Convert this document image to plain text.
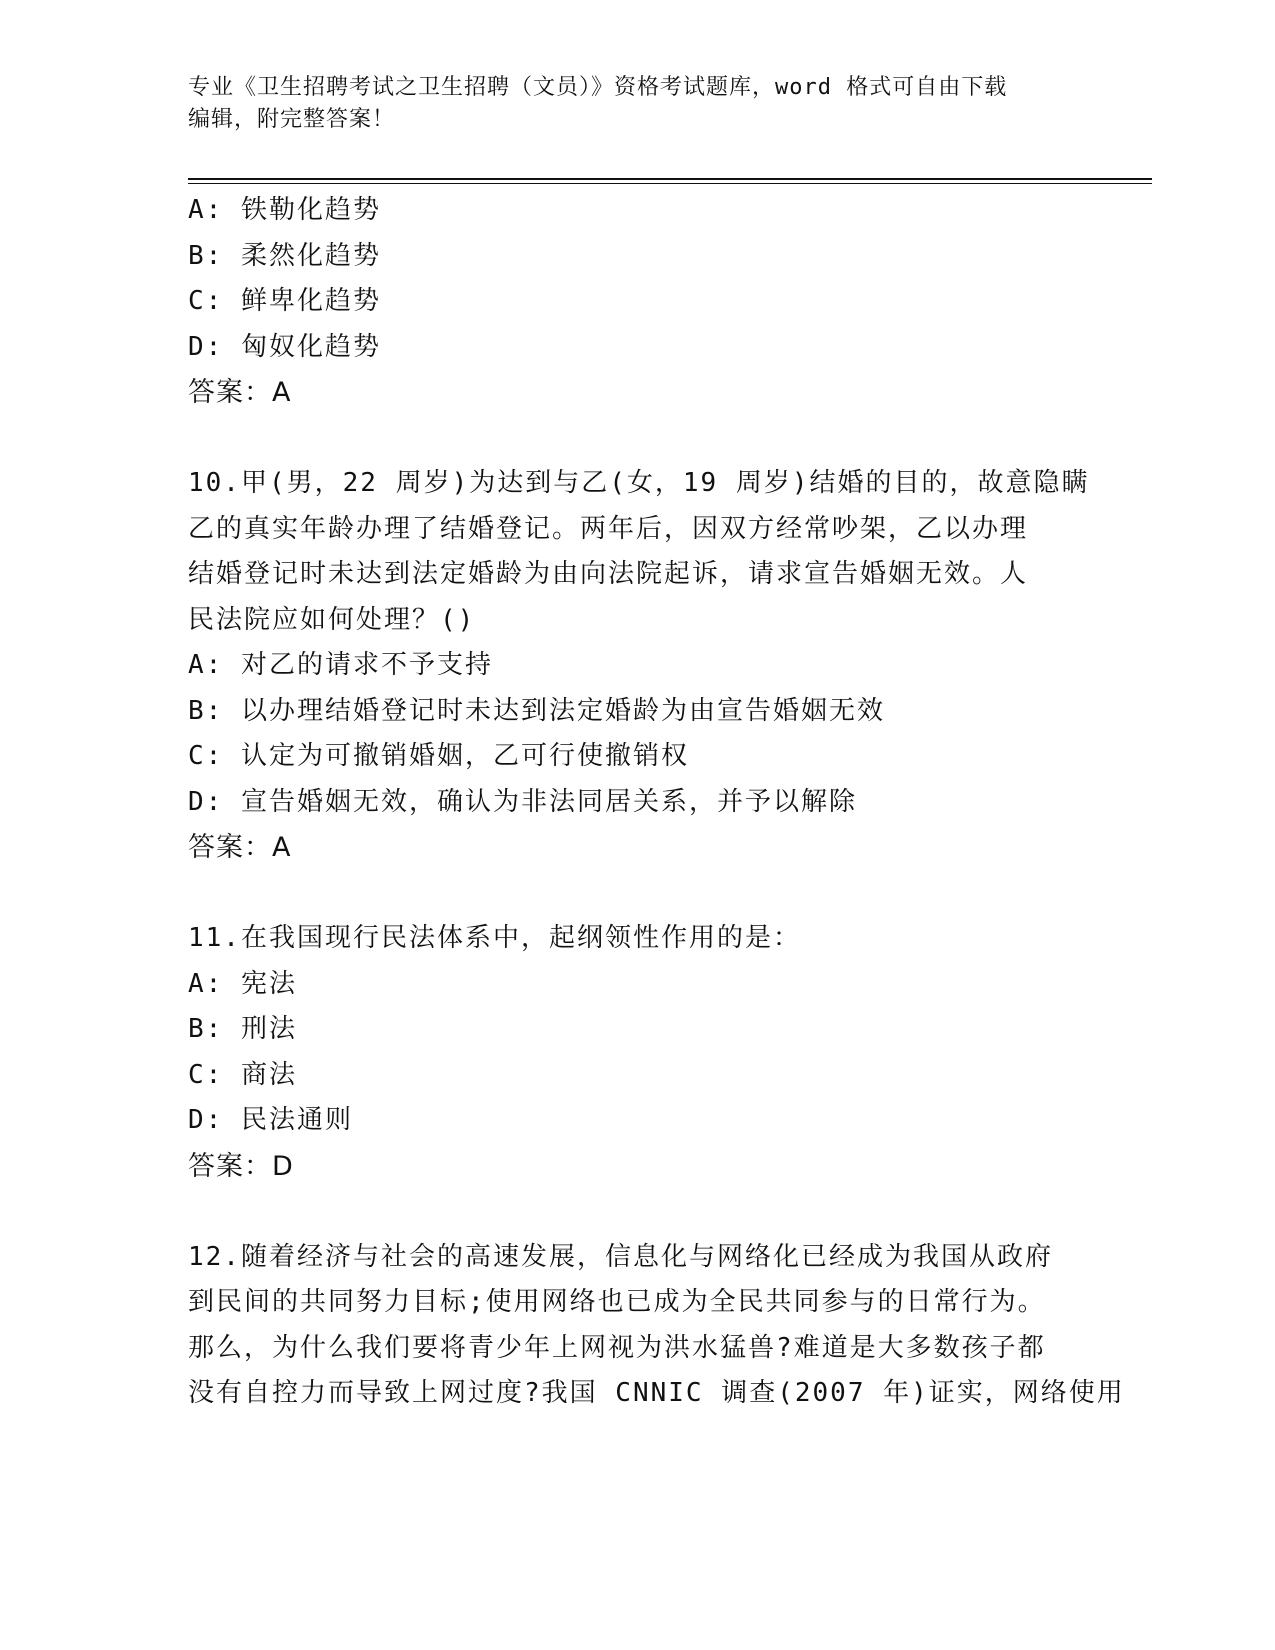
专业《卫生招聘考试之卫生招聘（文员）》资格考试题库，word 格式可自由下载
编辑，附完整答案！
A: 铁勒化趋势
B: 柔然化趋势
C: 鲜卑化趋势
D: 匈奴化趋势
答案：A
10.甲(男，22 周岁)为达到与乙(女，19 周岁)结婚的目的，故意隐瞒
乙的真实年龄办理了结婚登记。两年后，因双方经常吵架，乙以办理
结婚登记时未达到法定婚龄为由向法院起诉，请求宣告婚姻无效。人
民法院应如何处理？()
A: 对乙的请求不予支持
B: 以办理结婚登记时未达到法定婚龄为由宣告婚姻无效
C: 认定为可撤销婚姻，乙可行使撤销权
D: 宣告婚姻无效，确认为非法同居关系，并予以解除
答案：A
11.在我国现行民法体系中，起纲领性作用的是：
A: 宪法
B: 刑法
C: 商法
D: 民法通则
答案：D
12.随着经济与社会的高速发展，信息化与网络化已经成为我国从政府
到民间的共同努力目标;使用网络也已成为全民共同参与的日常行为。
那么，为什么我们要将青少年上网视为洪水猛兽?难道是大多数孩子都
没有自控力而导致上网过度?我国 CNNIC 调查(2007 年)证实，网络使用
